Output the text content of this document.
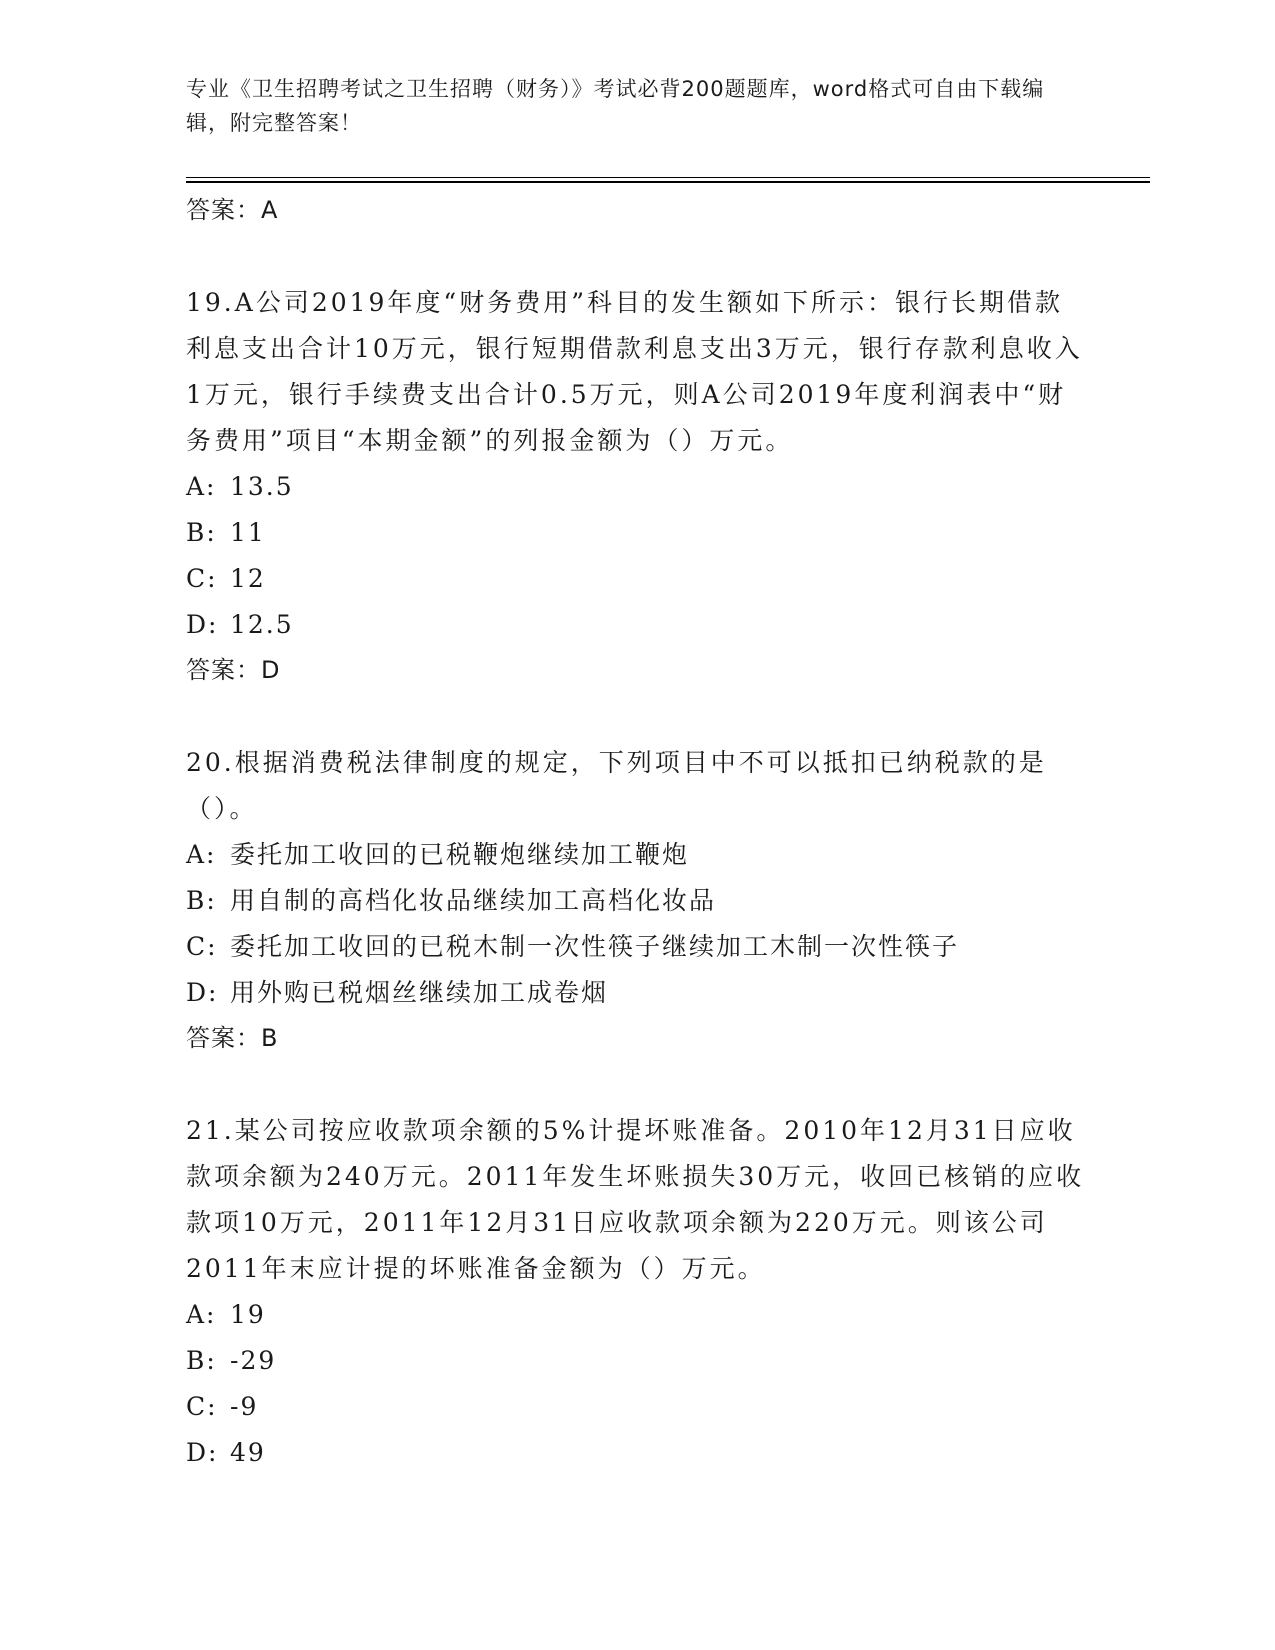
专业《卫生招聘考试之卫生招聘（财务）》考试必背200题题库，word格式可自由下载编辑，附完整答案！
答案：A
19.A公司2019年度“财务费用”科目的发生额如下所示：银行长期借款利息支出合计10万元，银行短期借款利息支出3万元，银行存款利息收入1万元，银行手续费支出合计0.5万元，则A公司2019年度利润表中“财务费用”项目“本期金额”的列报金额为（）万元。
A: 13.5
B: 11
C: 12
D: 12.5
答案：D
20.根据消费税法律制度的规定，下列项目中不可以抵扣已纳税款的是（）。
A: 委托加工收回的已税鞭炮继续加工鞭炮
B: 用自制的高档化妆品继续加工高档化妆品
C: 委托加工收回的已税木制一次性筷子继续加工木制一次性筷子
D: 用外购已税烟丝继续加工成卷烟
答案：B
21.某公司按应收款项余额的5%计提坏账准备。2010年12月31日应收款项余额为240万元。2011年发生坏账损失30万元，收回已核销的应收款项10万元，2011年12月31日应收款项余额为220万元。则该公司2011年末应计提的坏账准备金额为（）万元。
A: 19
B: -29
C: -9
D: 49
